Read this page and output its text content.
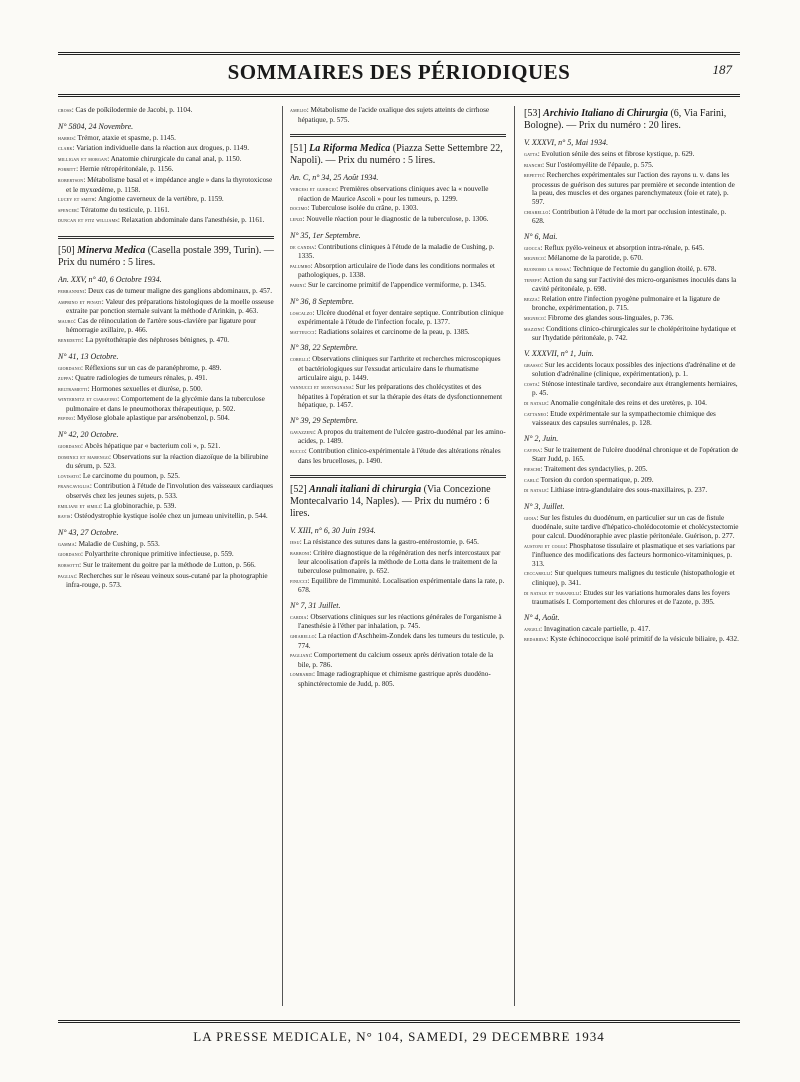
SOMMAIRES DES PÉRIODIQUES	187

cross: Cas de poïkilodermie de Jacobi, p. 1104.

N° 5804, 24 Novembre.

harris: Trémor, ataxie et spasme, p. 1145.

clark: Variation individuelle dans la réaction aux drogues, p. 1149.

milligan et morgan: Anatomie chirurgicale du canal anal, p. 1150.

porritt: Hernie rétropéritonéale, p. 1156.

robertson: Métabolisme basal et « impédance angle » dans la thyrotoxicose et le myxœdème, p. 1158.

lucey et smith: Angiome caverneux de la vertèbre, p. 1159.

spencer: Tératome du testicule, p. 1161.

duncan et fitz williams: Relaxation abdominale dans l'anesthésie, p. 1161.

[50] Minerva Medica (Casella postale 399, Turin). — Prix du numéro : 5 lires.
An. XXV, n° 40, 6 Octobre 1934.

ferrannini: Deux cas de tumeur maligne des ganglions abdominaux, p. 457.

amprino et penati: Valeur des préparations histologiques de la moelle osseuse extraite par ponction sternale suivant la méthode d'Arinkin, p. 463.

mauro: Cas de réinoculation de l'artère sous-clavière par ligature pour hémorragie axillaire, p. 466.

benedetti: La pyrétothérapie des néphroses bénignes, p. 470.

N° 41, 13 Octobre.

giordano: Réflexions sur un cas de paranéphrome, p. 489.

zuppa: Quatre radiologies de tumeurs rénales, p. 491.

beltrametti: Hormones sexuelles et diurèse, p. 500.

winternitz et ciaravino: Comportement de la glycémie dans la tuberculose pulmonaire et dans le pneumothorax thérapeutique, p. 502.

pepino: Myélose globale aplastique par arsénobenzol, p. 504.

N° 42, 20 Octobre.

giordano: Abcès hépatique par « bacterium coli », p. 521.

dominici et marengo: Observations sur la réaction diazoïque de la bilirubine du sérum, p. 523.

lovisato: Le carcinome du poumon, p. 525.

francaviglia: Contribution à l'étude de l'involution des vaisseaux cardiaques observés chez les jeunes sujets, p. 533.

emiliani et simili: La globinorachie, p. 539.

ravis: Ostéodystrophie kystique isolée chez un jumeau univitellin, p. 544.

N° 43, 27 Octobre.

gamma: Maladie de Cushing, p. 553.

giordano: Polyarthrite chronique primitive infectieuse, p. 559.

borsotti: Sur le traitement du goitre par la méthode de Lutton, p. 566.

pagliai: Recherches sur le réseau veineux sous-cutané par la photographie infra-rouge, p. 573.

amelio: Métabolisme de l'acide oxalique des sujets atteints de cirrhose hépatique, p. 575.

[51] La Riforma Medica (Piazza Sette Settembre 22, Napoli). — Prix du numéro : 5 lires.
An. C, n° 34, 25 Août 1934.

vercesi et guercio: Premières observations cliniques avec la « nouvelle réaction de Maurice Ascoli » pour les tumeurs, p. 1299.

docimo: Tuberculose isolée du crâne, p. 1303.

lenzi: Nouvelle réaction pour le diagnostic de la tuberculose, p. 1306.

N° 35, 1er Septembre.

de candia: Contributions cliniques à l'étude de la maladie de Cushing, p. 1335.

palumbo: Absorption articulaire de l'iode dans les conditions normales et pathologiques, p. 1338.

parini: Sur le carcinome primitif de l'appendice vermiforme, p. 1345.

N° 36, 8 Septembre.

loscalzo: Ulcère duodénal et foyer dentaire septique. Contribution clinique expérimentale à l'étude de l'infection focale, p. 1377.

matteucci: Radiations solaires et carcinome de la peau, p. 1385.

N° 38, 22 Septembre.

corelli: Observations cliniques sur l'arthrite et recherches microscopiques et bactériologiques sur l'exsudat articulaire dans le rhumatisme articulaire aigu, p. 1449.

vannucci et montagnana: Sur les préparations des cholécystites et des hépatites à l'opération et sur la thérapie des états de dysfonctionnement hépatique, p. 1457.

N° 39, 29 Septembre.

gavazzeni: A propos du traitement de l'ulcère gastro-duodénal par les amino-acides, p. 1489.

bucco: Contribution clinico-expérimentale à l'étude des altérations rénales dans les brucelloses, p. 1490.

[52] Annali italiani di chirurgia (Via Concezione Montecalvario 14, Naples). — Prix du numéro : 6 lires.
V. XIII, n° 6, 30 Juin 1934.

iesu: La résistance des sutures dans la gastro-entérostomie, p. 645.

barboni: Critère diagnostique de la régénération des nerfs intercostaux par leur alcoolisation d'après la méthode de Lotta dans le traitement de la tuberculose pulmonaire, p. 652.

finucci: Equilibre de l'immunité. Localisation expérimentale dans la rate, p. 678.

N° 7, 31 Juillet.

cardia: Observations cliniques sur les réactions générales de l'organisme à l'anesthésie à l'éther par inhalation, p. 745.

ghiarello: La réaction d'Aschheim-Zondek dans les tumeurs du testicule, p. 774.

pagliani: Comportement du calcium osseux après dérivation totale de la bile, p. 786.

lombardi: Image radiographique et chimisme gastrique après duodéno-sphinctérectomie de Judd, p. 805.

[53] Archivio Italiano di Chirurgia (6, Via Farini, Bologne). — Prix du numéro : 20 lires.
V. XXXVI, n° 5, Mai 1934.

gatta: Evolution sénile des seins et fibrose kystique, p. 629.

bianchi: Sur l'ostéomyélite de l'épaule, p. 575.

repetto: Recherches expérimentales sur l'action des rayons u. v. dans les processus de guérison des sutures par première et seconde intention de la peau, des muscles et des organes parenchymateux (foie et rate), p. 597.

chiarello: Contribution à l'étude de la mort par occlusion intestinale, p. 628.

N° 6, Mai.

giocca: Reflux pyélo-veineux et absorption intra-rénale, p. 645.

migneco: Mélanome de la parotide, p. 670.

buonomo la rossa: Technique de l'ectomie du ganglion étoilé, p. 678.

teneff: Action du sang sur l'activité des micro-organismes inoculés dans la cavité péritonéale, p. 698.

bezza: Relation entre l'infection pyogène pulmonaire et la ligature de bronche, expérimentation, p. 715.

migneco: Fibrome des glandes sous-linguales, p. 736.

mazzini: Conditions clinico-chirurgicales sur le cholépéritoine hydatique et sur l'hydatide péritonéale, p. 742.

V. XXXVII, n° 1, Juin.

grasso: Sur les accidents locaux possibles des injections d'adrénaline et de solution d'adrénaline (clinique, expérimentation), p. 1.

costa: Sténose intestinale tardive, secondaire aux étranglements herniaires, p. 45.

di natale: Anomalie congénitale des reins et des uretères, p. 104.

cattaneo: Etude expérimentale sur la sympathectomie chimique des vaisseaux des capsules surrénales, p. 128.

N° 2, Juin.

cavina: Sur le traitement de l'ulcère duodénal chronique et de l'opération de Starr Judd, p. 165.

fieschi: Traitement des syndactylies, p. 205.

carli: Torsion du cordon spermatique, p. 209.

di natale: Lithiase intra-glandulaire des sous-maxillaires, p. 237.

N° 3, Juillet.

gioia: Sur les fistules du duodénum, en particulier sur un cas de fistule duodénale, suite tardive d'hépatico-cholédocotomie et cholécystectomie pour calcul. Duodénoraphie avec plastie péritonéale. Guérison, p. 277.

austoni et coggi: Phosphatose tissulaire et plasmatique et ses variations par l'influence des modifications des facteurs hormonico-vitaminiques, p. 313.

ceccarelli: Sur quelques tumeurs malignes du testicule (histopathologie et clinique), p. 341.

di natale et taranelli: Etudes sur les variations humorales dans les foyers traumatisés I. Comportement des chlorures et de l'azote, p. 395.

N° 4, Août.

angeli: Invagination cæcale partielle, p. 417.

bedarida: Kyste échinococcique isolé primitif de la vésicule biliaire, p. 432.

LA PRESSE MEDICALE, N° 104, SAMEDI, 29 DECEMBRE 1934
